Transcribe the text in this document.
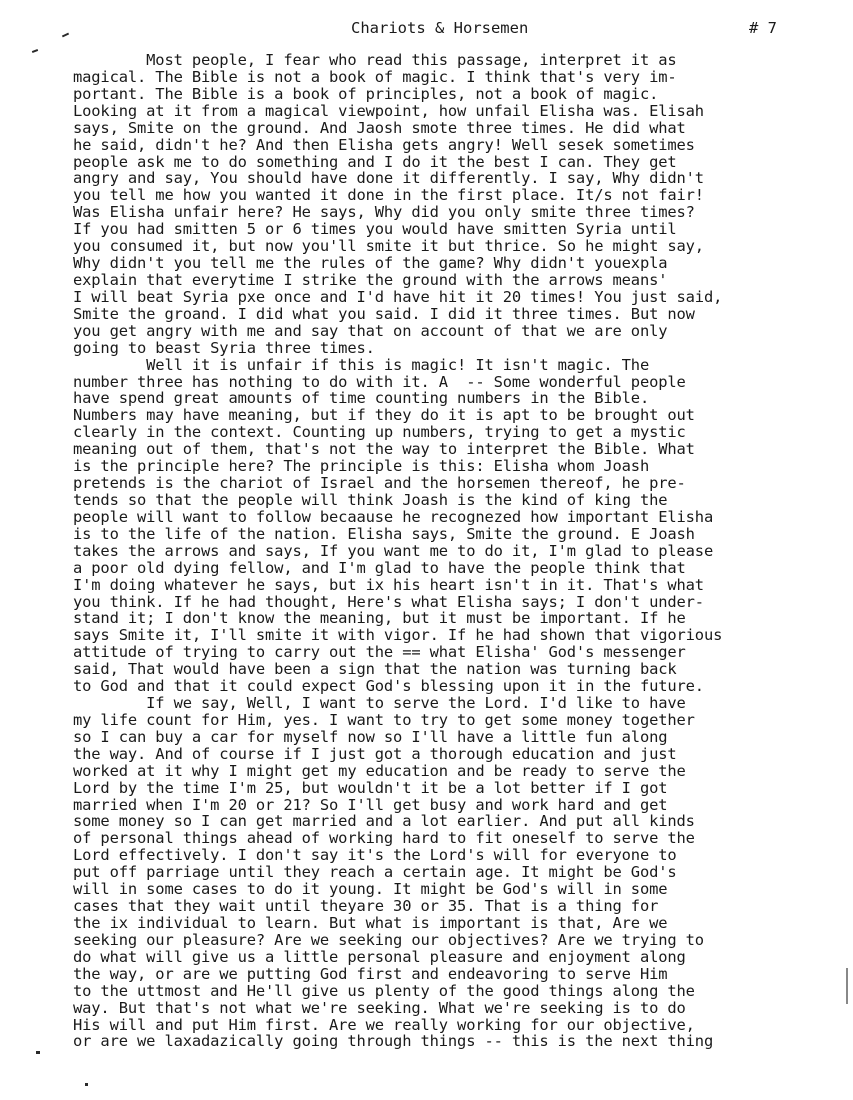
Chariots & Horsemen	# 7
Most people, I fear who read this passage, interpret it as
magical. The Bible is not a book of magic. I think that's very im-
portant. The Bible is a book of principles, not a book of magic.
Looking at it from a magical viewpoint, how unfail Elisha was. Elisah
says, Smite on the ground. And Jaosh smote three times. He did what
he said, didn't he? And then Elisha gets angry! Well sesek sometimes
people ask me to do something and I do it the best I can. They get
angry and say, You should have done it differently. I say, Why didn't
you tell me how you wanted it done in the first place. It/s not fair!
Was Elisha unfair here? He says, Why did you only smite three times?
If you had smitten 5 or 6 times you would have smitten Syria until
you consumed it, but now you'll smite it but thrice. So he might say,
Why didn't you tell me the rules of the game? Why didn't youexpla
explain that everytime I strike the ground with the arrows means'
I will beat Syria pxe once and I'd have hit it 20 times! You just said,
Smite the groand. I did what you said. I did it three times. But now
you get angry with me and say that on account of that we are only
going to beast Syria three times.
Well it is unfair if this is magic! It isn't magic. The
number three has nothing to do with it. A  -- Some wonderful people
have spend great amounts of time counting numbers in the Bible.
Numbers may have meaning, but if they do it is apt to be brought out
clearly in the context. Counting up numbers, trying to get a mystic
meaning out of them, that's not the way to interpret the Bible. What
is the principle here? The principle is this: Elisha whom Joash
pretends is the chariot of Israel and the horsemen thereof, he pre-
tends so that the people will think Joash is the kind of king the
people will want to follow becaause he recognezed how important Elisha
is to the life of the nation. Elisha says, Smite the ground. E Joash
takes the arrows and says, If you want me to do it, I'm glad to please
a poor old dying fellow, and I'm glad to have the people think that
I'm doing whatever he says, but ix his heart isn't in it. That's what
you think. If he had thought, Here's what Elisha says; I don't under-
stand it; I don't know the meaning, but it must be important. If he
says Smite it, I'll smite it with vigor. If he had shown that vigorious
attitude of trying to carry out the == what Elisha' God's messenger
said, That would have been a sign that the nation was turning back
to God and that it could expect God's blessing upon it in the future.
If we say, Well, I want to serve the Lord. I'd like to have
my life count for Him, yes. I want to try to get some money together
so I can buy a car for myself now so I'll have a little fun along
the way. And of course if I just got a thorough education and just
worked at it why I might get my education and be ready to serve the
Lord by the time I'm 25, but wouldn't it be a lot better if I got
married when I'm 20 or 21? So I'll get busy and work hard and get
some money so I can get married and a lot earlier. And put all kinds
of personal things ahead of working hard to fit oneself to serve the
Lord effectively. I don't say it's the Lord's will for everyone to
put off parriage until they reach a certain age. It might be God's
will in some cases to do it young. It might be God's will in some
cases that they wait until theyare 30 or 35. That is a thing for
the ix individual to learn. But what is important is that, Are we
seeking our pleasure? Are we seeking our objectives? Are we trying to
do what will give us a little personal pleasure and enjoyment along
the way, or are we putting God first and endeavoring to serve Him
to the uttmost and He'll give us plenty of the good things along the
way. But that's not what we're seeking. What we're seeking is to do
His will and put Him first. Are we really working for our objective,
or are we laxadazically going through things -- this is the next thing
